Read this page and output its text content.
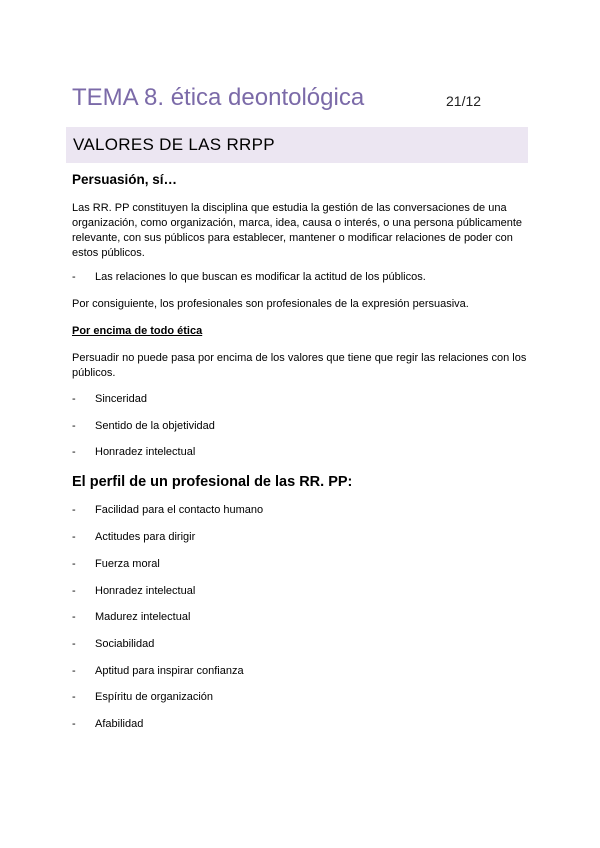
TEMA 8. ética deontológica	21/12
VALORES DE LAS RRPP
Persuasión, sí…
Las RR. PP constituyen la disciplina que estudia la gestión de las conversaciones de una organización, como organización, marca, idea, causa o interés, o una persona públicamente relevante, con sus públicos para establecer, mantener o modificar relaciones de poder con estos públicos.
- Las relaciones lo que buscan es modificar la actitud de los públicos.
Por consiguiente, los profesionales son profesionales de la expresión persuasiva.
Por encima de todo ética
Persuadir no puede pasa por encima de los valores que tiene que regir las relaciones con los públicos.
- Sinceridad
- Sentido de la objetividad
- Honradez intelectual
El perfil de un profesional de las RR. PP:
- Facilidad para el contacto humano
- Actitudes para dirigir
- Fuerza moral
- Honradez intelectual
- Madurez intelectual
- Sociabilidad
- Aptitud para inspirar confianza
- Espíritu de organización
- Afabilidad
